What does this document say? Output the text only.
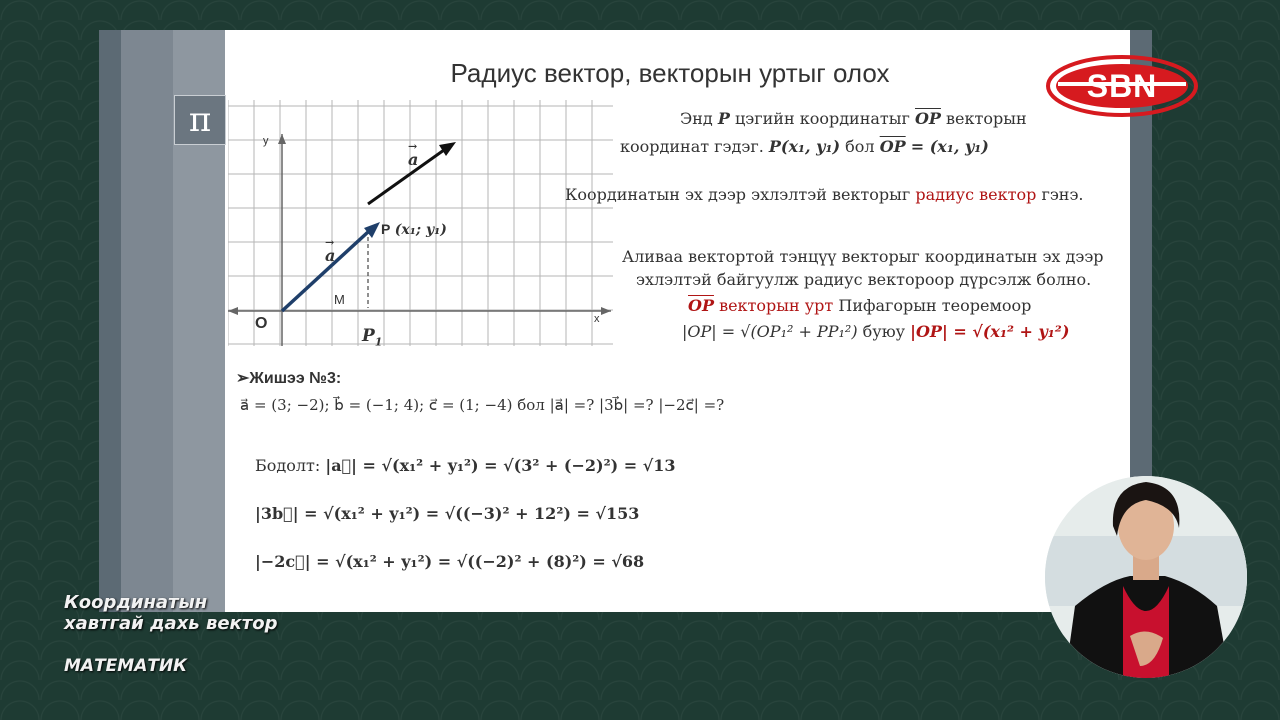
π
Радиус вектор, векторын уртыг олох
y
x
O
M
$P_1$
→
a
→
a
P (x₁; y₁)
Энд P цэгийн координатыг $\overline{OP}$ векторын
координат гэдэг. P(x₁, y₁) бол $\overline{OP} = (x_1$, y₁)
Координатын эх дээр эхлэлтэй векторыг радиус вектор гэнэ.
Аливаа вектортой тэнцүү векторыг координатын эх дээр
эхлэлтэй байгуулж радиус вектороор дүрсэлж болно.
$\overline{OP}$ векторын урт Пифагорын теоремоор
|OP| = √(OP₁² + PP₁²) буюу |OP| = √(x₁² + y₁²)
➢Жишээ №3:
a⃗ = (3; −2); b⃗ = (−1; 4); c⃗ = (1; −4) бол |a⃗| =? |3b⃗| =? |−2c⃗| =?
Бодолт: |a⃗| = √(x₁² + y₁²) = √(3² + (−2)²) = √13
|3b⃗| = √(x₁² + y₁²) = √((−3)² + 12²) = √153
|−2c⃗| = √(x₁² + y₁²) = √((−2)² + (8)²) = √68
SBN
Координатын
хавтгай дахь вектор
МАТЕМАТИК
